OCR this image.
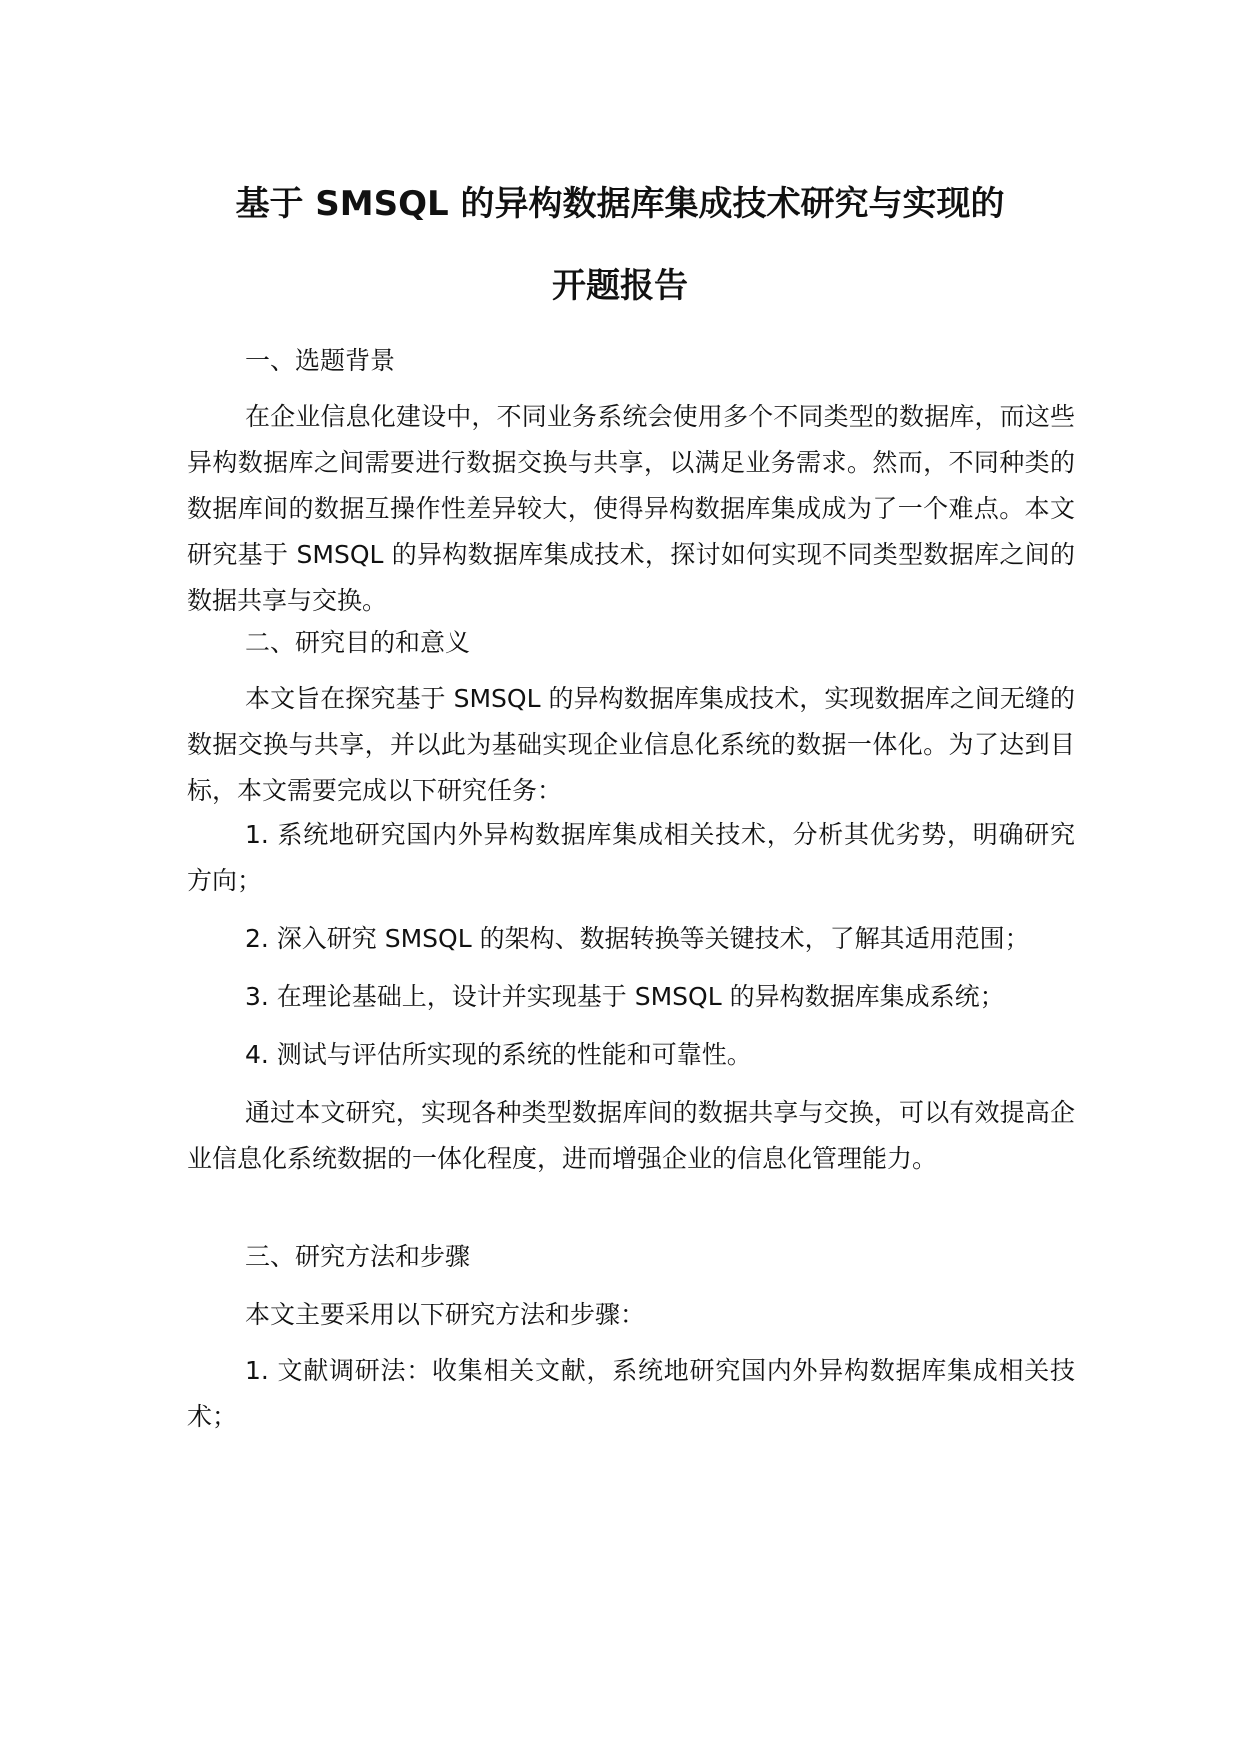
基于 SMSQL 的异构数据库集成技术研究与实现的
开题报告
一、选题背景
在企业信息化建设中，不同业务系统会使用多个不同类型的数据库，而这些异构数据库之间需要进行数据交换与共享，以满足业务需求。然而，不同种类的数据库间的数据互操作性差异较大，使得异构数据库集成成为了一个难点。本文研究基于 SMSQL 的异构数据库集成技术，探讨如何实现不同类型数据库之间的数据共享与交换。
二、研究目的和意义
本文旨在探究基于 SMSQL 的异构数据库集成技术，实现数据库之间无缝的数据交换与共享，并以此为基础实现企业信息化系统的数据一体化。为了达到目标，本文需要完成以下研究任务：
1. 系统地研究国内外异构数据库集成相关技术，分析其优劣势，明确研究方向；
2. 深入研究 SMSQL 的架构、数据转换等关键技术，了解其适用范围；
3. 在理论基础上，设计并实现基于 SMSQL 的异构数据库集成系统；
4. 测试与评估所实现的系统的性能和可靠性。
通过本文研究，实现各种类型数据库间的数据共享与交换，可以有效提高企业信息化系统数据的一体化程度，进而增强企业的信息化管理能力。
三、研究方法和步骤
本文主要采用以下研究方法和步骤：
1. 文献调研法：收集相关文献，系统地研究国内外异构数据库集成相关技术；
